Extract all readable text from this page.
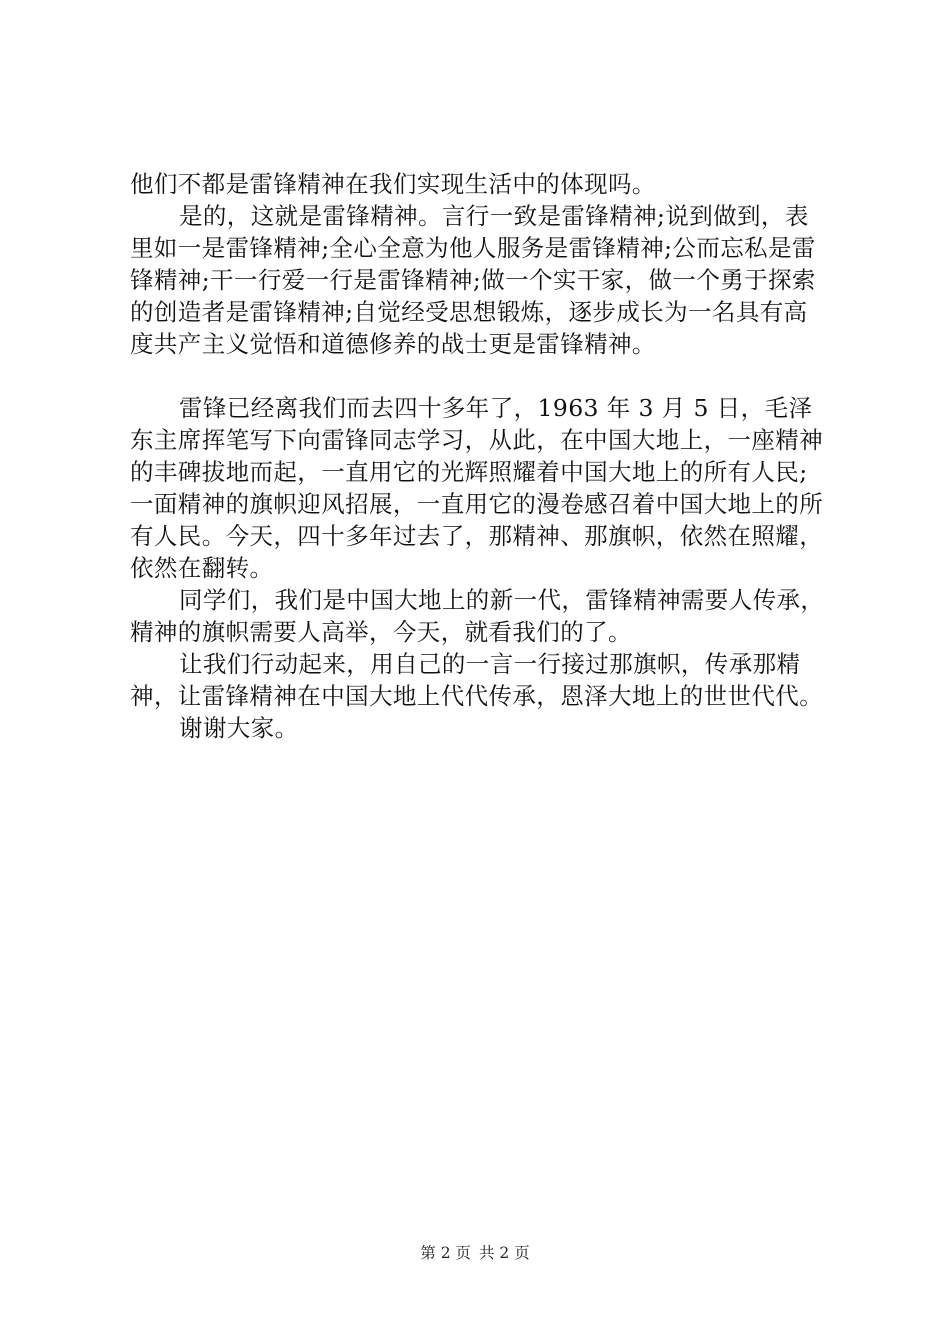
他们不都是雷锋精神在我们实现生活中的体现吗。

是的，这就是雷锋精神。言行一致是雷锋精神;说到做到，表里如一是雷锋精神;全心全意为他人服务是雷锋精神;公而忘私是雷锋精神;干一行爱一行是雷锋精神;做一个实干家，做一个勇于探索的创造者是雷锋精神;自觉经受思想锻炼，逐步成长为一名具有高度共产主义觉悟和道德修养的战士更是雷锋精神。

雷锋已经离我们而去四十多年了，1963 年 3 月 5 日，毛泽东主席挥笔写下向雷锋同志学习，从此，在中国大地上，一座精神的丰碑拔地而起，一直用它的光辉照耀着中国大地上的所有人民;一面精神的旗帜迎风招展，一直用它的漫卷感召着中国大地上的所有人民。今天，四十多年过去了，那精神、那旗帜，依然在照耀，依然在翻转。

同学们，我们是中国大地上的新一代，雷锋精神需要人传承，精神的旗帜需要人高举，今天，就看我们的了。

让我们行动起来，用自己的一言一行接过那旗帜，传承那精神，让雷锋精神在中国大地上代代传承，恩泽大地上的世世代代。

谢谢大家。

第 2 页 共 2 页
